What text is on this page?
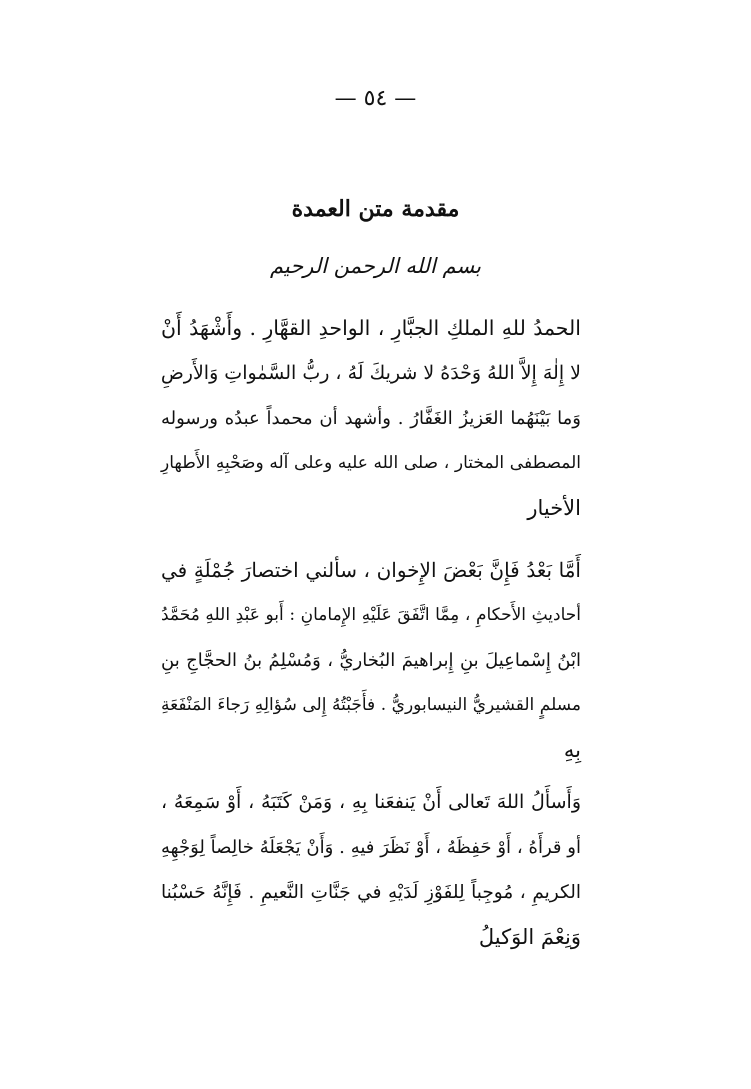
— ٥٤ —
مقدمة متن العمدة
بسم الله الرحمن الرحيم
الحمدُ للهِ الملكِ الجبَّارِ ، الواحدِ القهَّارِ . وأَشْهَدُ أَنْ
لا إِلٰهَ إِلاَّ اللهُ وَحْدَهُ لا شريكَ لَهُ ، ربُّ السَّمٰواتِ وَالأَرضِ
وَما بَيْنَهُما العَزيزُ الغَفَّارُ . وأشهد أن محمداً عبدُه ورسوله
المصطفى المختار ، صلى الله عليه وعلى آله وصَحْبِهِ الأَطهارِ
الأخيار
أَمَّا بَعْدُ فَإِنَّ بَعْضَ الإِخوان ، سألني اختصارَ جُمْلَةٍ في
أحاديثِ الأَحكامِ ، مِمَّا اتَّفَقَ عَلَيْهِ الإِمامانِ : أَبو عَبْدِ اللهِ مُحَمَّدُ
ابْنُ إِسْماعِيلَ بنِ إِبراهيمَ البُخاريُّ ، وَمُسْلِمُ بنُ الحجَّاجِ بنِ
مسلمٍ القشيريُّ النيسابوريُّ . فأَجَبْتُهُ إِلى سُؤالِهِ رَجاءَ المَنْفَعَةِ
بِهِ
وَأَسأَلُ اللهَ تَعالى أَنْ يَنفعَنا بِهِ ، وَمَنْ كَتَبَهُ ، أَوْ سَمِعَهُ ،
أو قرأَهُ ، أَوْ حَفِظَهُ ، أَوْ نَظَرَ فيهِ . وَأَنْ يَجْعَلَهُ خالِصاً لِوَجْهِهِ
الكريمِ ، مُوجِباً لِلفَوْزِ لَدَيْهِ في جَنَّاتِ النَّعيمِ . فَإِنَّهُ حَسْبُنا
وَنِعْمَ الوَكيلُ
